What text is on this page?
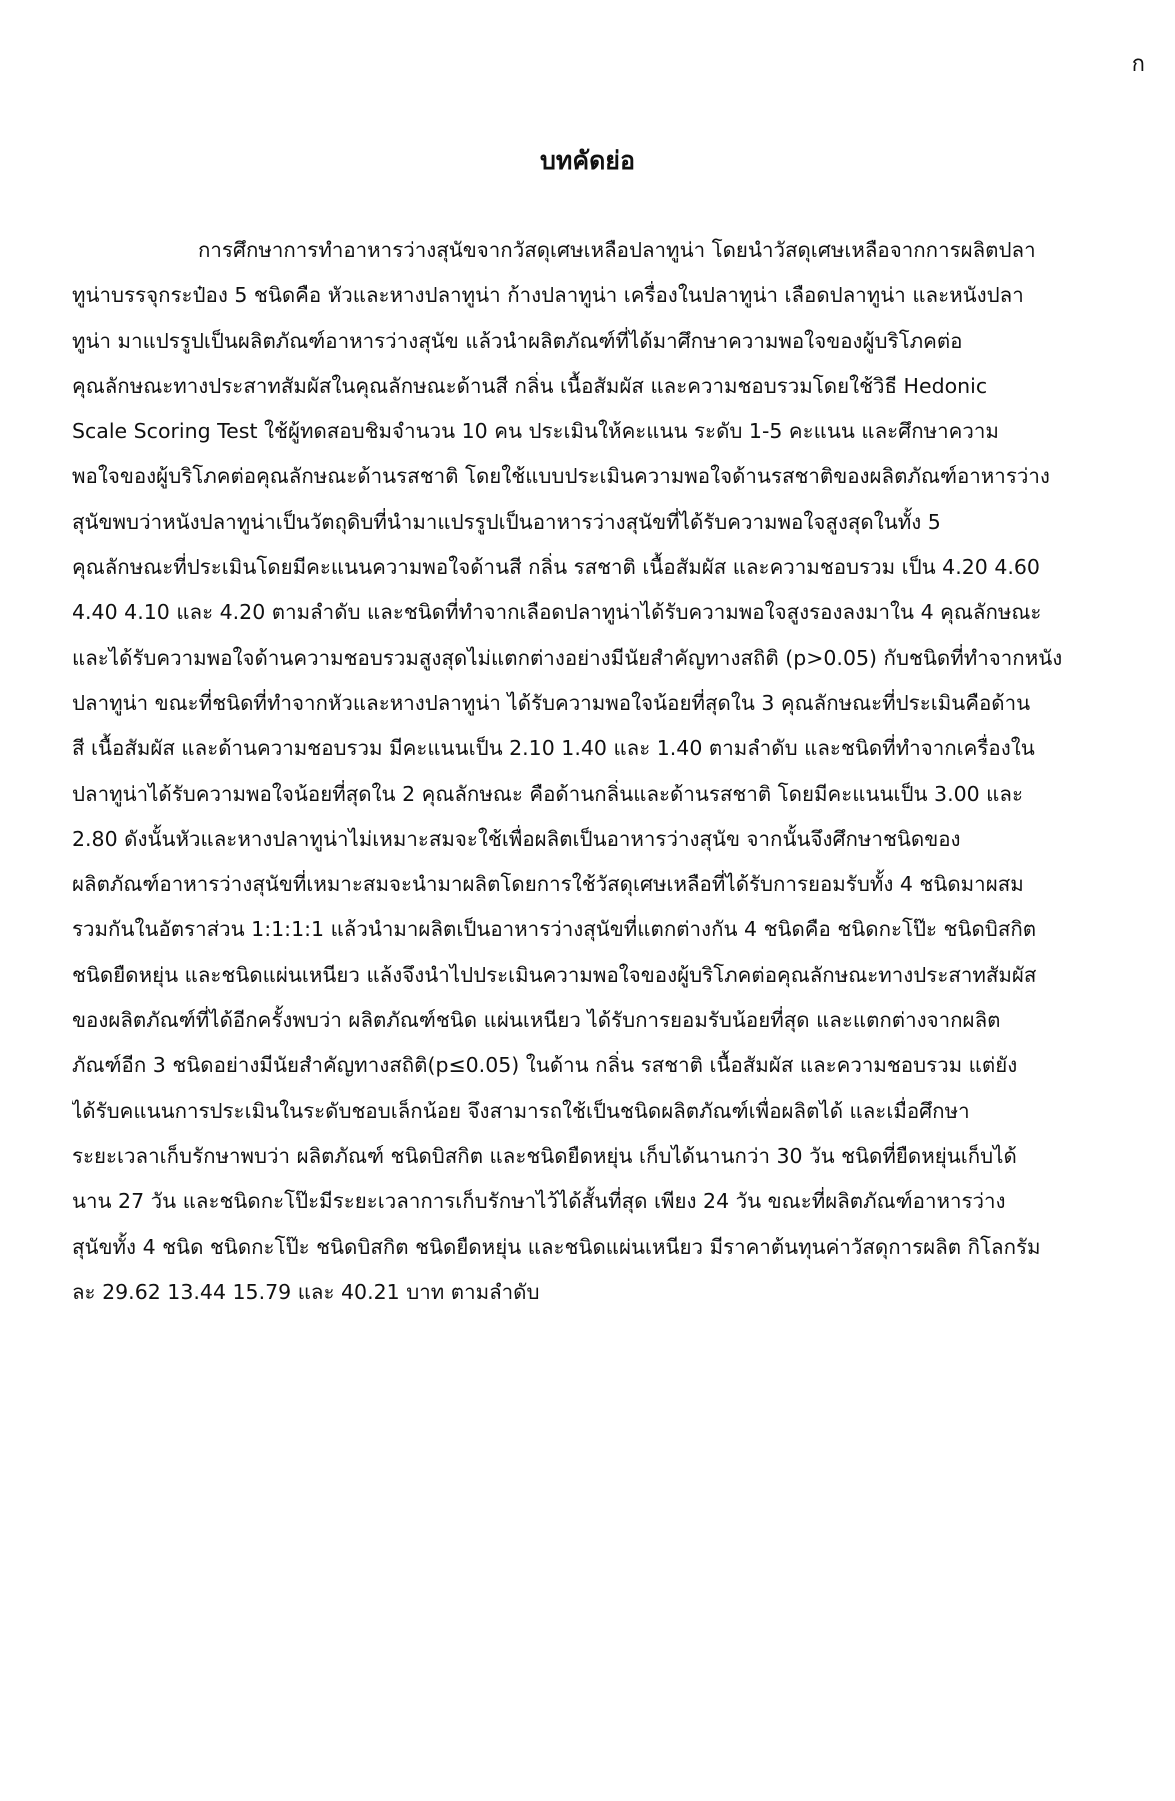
ก
บทคัดย่อ
การศึกษาการทำอาหารว่างสุนัขจากวัสดุเศษเหลือปลาทูน่า โดยนำวัสดุเศษเหลือจากการผลิตปลา
ทูน่าบรรจุกระป๋อง 5 ชนิดคือ หัวและหางปลาทูน่า ก้างปลาทูน่า เครื่องในปลาทูน่า เลือดปลาทูน่า และหนังปลา
ทูน่า มาแปรรูปเป็นผลิตภัณฑ์อาหารว่างสุนัข แล้วนำผลิตภัณฑ์ที่ได้มาศึกษาความพอใจของผู้บริโภคต่อ
คุณลักษณะทางประสาทสัมผัสในคุณลักษณะด้านสี กลิ่น เนื้อสัมผัส และความชอบรวมโดยใช้วิธี Hedonic
Scale Scoring Test ใช้ผู้ทดสอบชิมจำนวน 10 คน ประเมินให้คะแนน ระดับ 1-5 คะแนน และศึกษาความ
พอใจของผู้บริโภคต่อคุณลักษณะด้านรสชาติ โดยใช้แบบประเมินความพอใจด้านรสชาติของผลิตภัณฑ์อาหารว่าง
สุนัขพบว่าหนังปลาทูน่าเป็นวัตถุดิบที่นำมาแปรรูปเป็นอาหารว่างสุนัขที่ได้รับความพอใจสูงสุดในทั้ง 5
คุณลักษณะที่ประเมินโดยมีคะแนนความพอใจด้านสี กลิ่น รสชาติ เนื้อสัมผัส และความชอบรวม เป็น 4.20 4.60
4.40 4.10 และ 4.20 ตามลำดับ และชนิดที่ทำจากเลือดปลาทูน่าได้รับความพอใจสูงรองลงมาใน 4 คุณลักษณะ
และได้รับความพอใจด้านความชอบรวมสูงสุดไม่แตกต่างอย่างมีนัยสำคัญทางสถิติ (p>0.05) กับชนิดที่ทำจากหนัง
ปลาทูน่า ขณะที่ชนิดที่ทำจากหัวและหางปลาทูน่า ได้รับความพอใจน้อยที่สุดใน 3 คุณลักษณะที่ประเมินคือด้าน
สี เนื้อสัมผัส และด้านความชอบรวม มีคะแนนเป็น 2.10 1.40 และ 1.40 ตามลำดับ และชนิดที่ทำจากเครื่องใน
ปลาทูน่าได้รับความพอใจน้อยที่สุดใน 2 คุณลักษณะ คือด้านกลิ่นและด้านรสชาติ โดยมีคะแนนเป็น 3.00 และ
2.80 ดังนั้นหัวและหางปลาทูน่าไม่เหมาะสมจะใช้เพื่อผลิตเป็นอาหารว่างสุนัข จากนั้นจึงศึกษาชนิดของ
ผลิตภัณฑ์อาหารว่างสุนัขที่เหมาะสมจะนำมาผลิตโดยการใช้วัสดุเศษเหลือที่ได้รับการยอมรับทั้ง 4 ชนิดมาผสม
รวมกันในอัตราส่วน 1:1:1:1 แล้วนำมาผลิตเป็นอาหารว่างสุนัขที่แตกต่างกัน 4 ชนิดคือ ชนิดกะโป๊ะ ชนิดบิสกิต
ชนิดยืดหยุ่น และชนิดแผ่นเหนียว แล้งจึงนำไปประเมินความพอใจของผู้บริโภคต่อคุณลักษณะทางประสาทสัมผัส
ของผลิตภัณฑ์ที่ได้อีกครั้งพบว่า ผลิตภัณฑ์ชนิด แผ่นเหนียว ได้รับการยอมรับน้อยที่สุด และแตกต่างจากผลิต
ภัณฑ์อีก 3 ชนิดอย่างมีนัยสำคัญทางสถิติ(p≤0.05) ในด้าน กลิ่น รสชาติ เนื้อสัมผัส และความชอบรวม แต่ยัง
ได้รับคแนนการประเมินในระดับชอบเล็กน้อย จึงสามารถใช้เป็นชนิดผลิตภัณฑ์เพื่อผลิตได้ และเมื่อศึกษา
ระยะเวลาเก็บรักษาพบว่า ผลิตภัณฑ์ ชนิดบิสกิต และชนิดยืดหยุ่น เก็บได้นานกว่า 30 วัน ชนิดที่ยืดหยุ่นเก็บได้
นาน 27 วัน และชนิดกะโป๊ะมีระยะเวลาการเก็บรักษาไว้ได้สั้นที่สุด เพียง 24 วัน ขณะที่ผลิตภัณฑ์อาหารว่าง
สุนัขทั้ง 4 ชนิด ชนิดกะโป๊ะ ชนิดบิสกิต ชนิดยืดหยุ่น และชนิดแผ่นเหนียว มีราคาต้นทุนค่าวัสดุการผลิต กิโลกรัม
ละ 29.62 13.44 15.79 และ 40.21 บาท ตามลำดับ
